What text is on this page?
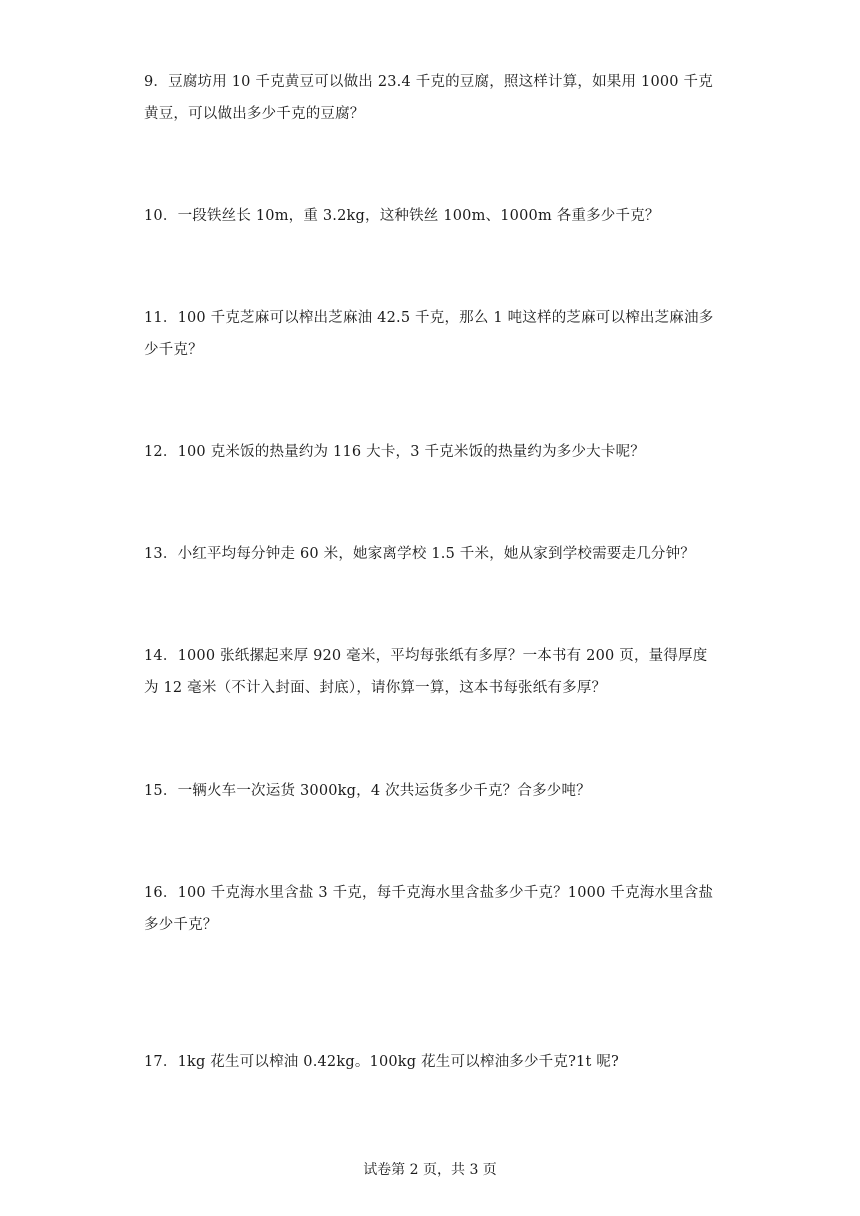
9．豆腐坊用 10 千克黄豆可以做出 23.4 千克的豆腐，照这样计算，如果用 1000 千克黄豆，可以做出多少千克的豆腐？

10．一段铁丝长 10m，重 3.2kg，这种铁丝 100m、1000m 各重多少千克？

11．100 千克芝麻可以榨出芝麻油 42.5 千克，那么 1 吨这样的芝麻可以榨出芝麻油多少千克？

12．100 克米饭的热量约为 116 大卡，3 千克米饭的热量约为多少大卡呢？

13．小红平均每分钟走 60 米，她家离学校 1.5 千米，她从家到学校需要走几分钟？

14．1000 张纸摞起来厚 920 毫米，平均每张纸有多厚？一本书有 200 页，量得厚度为 12 毫米（不计入封面、封底），请你算一算，这本书每张纸有多厚？

15．一辆火车一次运货 3000kg，4 次共运货多少千克？合多少吨？

16．100 千克海水里含盐 3 千克，每千克海水里含盐多少千克？1000 千克海水里含盐多少千克？

17．1kg 花生可以榨油 0.42kg。100kg 花生可以榨油多少千克?1t 呢?

试卷第 2 页，共 3 页
